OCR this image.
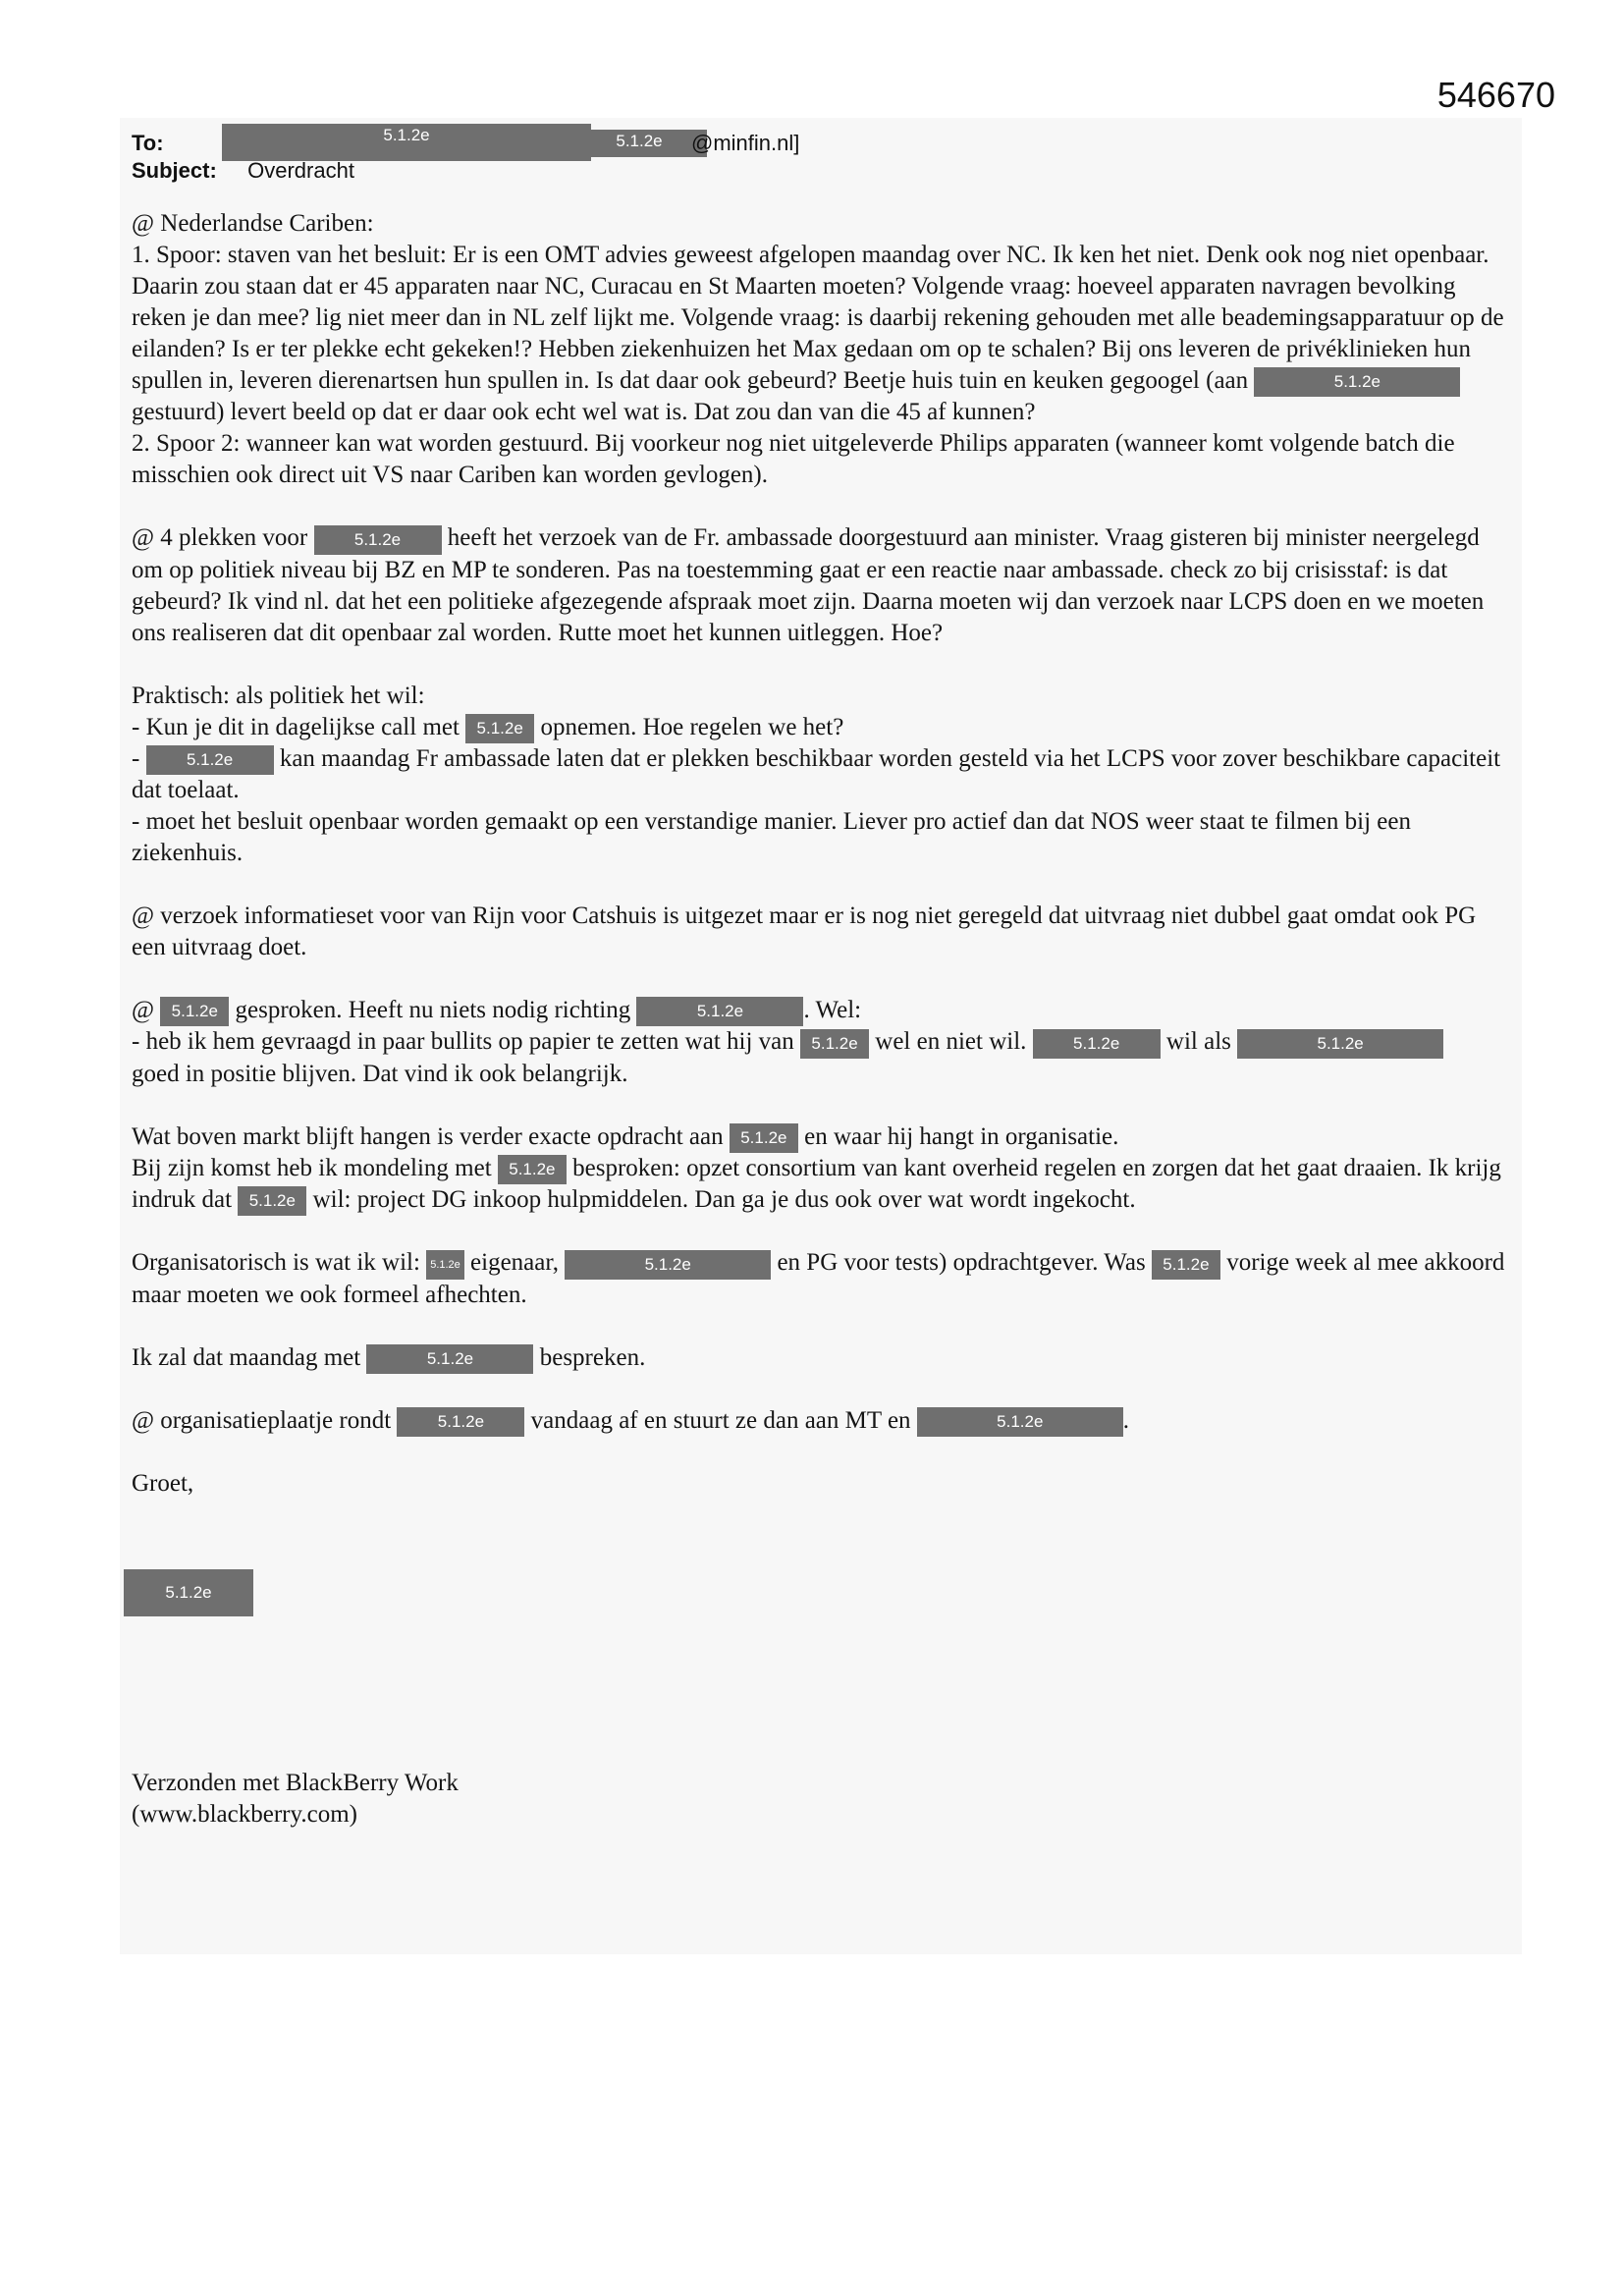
546670
To:	5.1.2e	5.1.2e	@minfin.nl]
Subject: Overdracht

@ Nederlandse Cariben:
1. Spoor: staven van het besluit: Er is een OMT advies geweest afgelopen maandag over NC. Ik ken het niet. Denk ook nog niet openbaar. Daarin zou staan dat er 45 apparaten naar NC, Curacau en St Maarten moeten? Volgende vraag: hoeveel apparaten navragen bevolking reken je dan mee? lig niet meer dan in NL zelf lijkt me. Volgende vraag: is daarbij rekening gehouden met alle beademingsapparatuur op de eilanden? Is er ter plekke echt gekeken!? Hebben ziekenhuizen het Max gedaan om op te schalen? Bij ons leveren de privéklinieken hun spullen in, leveren dierenartsen hun spullen in. Is dat daar ook gebeurd? Beetje huis tuin en keuken gegoogel (aan	5.1.2e gestuurd) levert beeld op dat er daar ook echt wel wat is. Dat zou dan van die 45 af kunnen?
2. Spoor 2: wanneer kan wat worden gestuurd. Bij voorkeur nog niet uitgeleverde Philips apparaten (wanneer komt volgende batch die misschien ook direct uit VS naar Cariben kan worden gevlogen).

@ 4 plekken voor	5.1.2e heeft het verzoek van de Fr. ambassade doorgestuurd aan minister. Vraag gisteren bij minister neergelegd om op politiek niveau bij BZ en MP te sonderen. Pas na toestemming gaat er een reactie naar ambassade. check zo bij crisisstaf: is dat gebeurd? Ik vind nl. dat het een politieke afgezegende afspraak moet zijn. Daarna moeten wij dan verzoek naar LCPS doen en we moeten ons realiseren dat dit openbaar zal worden. Rutte moet het kunnen uitleggen. Hoe?

Praktisch: als politiek het wil:
- Kun je dit in dagelijkse call met 5.1.2e opnemen. Hoe regelen we het?
-	5.1.2e kan maandag Fr ambassade laten dat er plekken beschikbaar worden gesteld via het LCPS voor zover beschikbare capaciteit dat toelaat.
- moet het besluit openbaar worden gemaakt op een verstandige manier. Liever pro actief dan dat NOS weer staat te filmen bij een ziekenhuis.

@ verzoek informatieset voor van Rijn voor Catshuis is uitgezet maar er is nog niet geregeld dat uitvraag niet dubbel gaat omdat ook PG een uitvraag doet.

@ 5.1.2e gesproken. Heeft nu niets nodig richting	5.1.2e . Wel:
- heb ik hem gevraagd in paar bullits op papier te zetten wat hij van 5.1.2e wel en niet wil.	5.1.2e wil als	5.1.2e
goed in positie blijven. Dat vind ik ook belangrijk.

Wat boven markt blijft hangen is verder exacte opdracht aan 5.1.2e en waar hij hangt in organisatie.
Bij zijn komst heb ik mondeling met 5.1.2e besproken: opzet consortium van kant overheid regelen en zorgen dat het gaat draaien. Ik krijg indruk dat 5.1.2e wil: project DG inkoop hulpmiddelen. Dan ga je dus ook over wat wordt ingekocht.

Organisatorisch is wat ik wil: 5.1.2e eigenaar,	5.1.2e	en PG voor tests) opdrachtgever. Was 5.1.2e vorige week al mee akkoord maar moeten we ook formeel afhechten.

Ik zal dat maandag met	5.1.2e	bespreken.

@ organisatieplaatje rondt	5.1.2e vandaag af en stuurt ze dan aan MT en	5.1.2e	.

Groet,

5.1.2e
Verzonden met BlackBerry Work
(www.blackberry.com)
